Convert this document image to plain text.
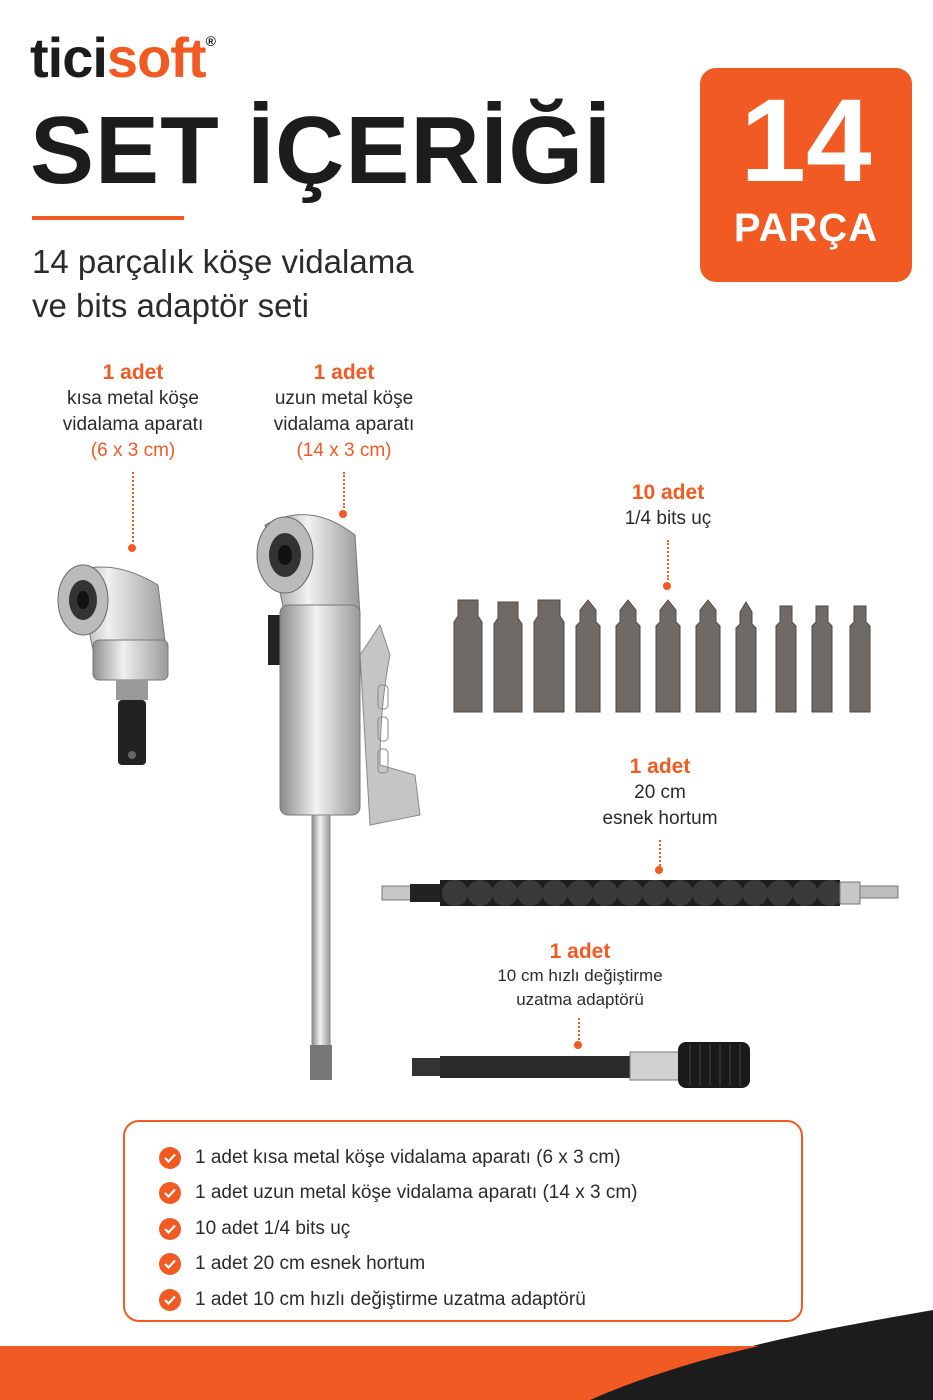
ticisoft®
SET İÇERİĞİ
14 parçalık köşe vidalama
ve bits adaptör seti
14
PARÇA
1 adet
kısa metal köşe
vidalama aparatı
(6 x 3 cm)
1 adet
uzun metal köşe
vidalama aparatı
(14 x 3 cm)
10 adet
1/4 bits uç
1 adet
20 cm
esnek hortum
1 adet
10 cm hızlı değiştirme
uzatma adaptörü
1 adet kısa metal köşe vidalama aparatı (6 x 3 cm)
1 adet uzun metal köşe vidalama aparatı (14 x 3 cm)
10 adet 1/4 bits uç
1 adet 20 cm esnek hortum
1 adet 10 cm hızlı değiştirme uzatma adaptörü
